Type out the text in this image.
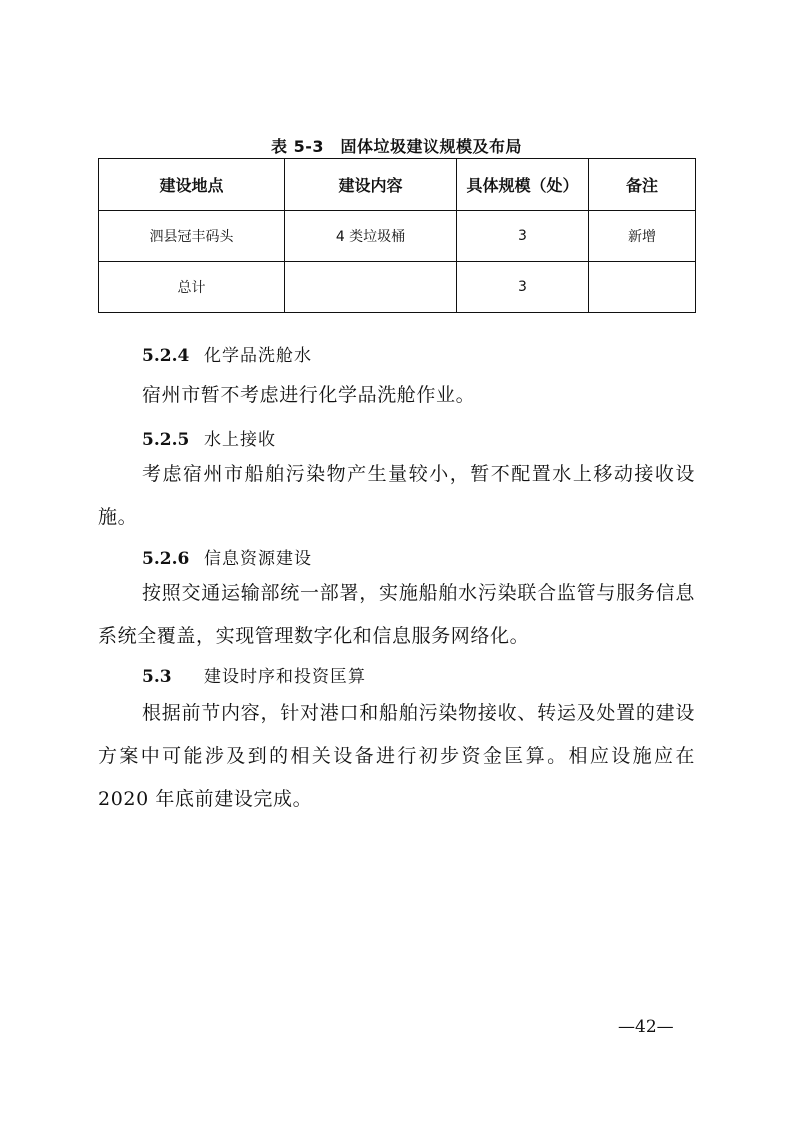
表 5-3　固体垃圾建议规模及布局
建设地点	建设内容	具体规模（处）	备注
泗县冠丰码头	4 类垃圾桶	3	新增
总计		3	
5.2.4 化学品洗舱水

宿州市暂不考虑进行化学品洗舱作业。

5.2.5 水上接收

考虑宿州市船舶污染物产生量较小，暂不配置水上移动接收设施。

5.2.6 信息资源建设

按照交通运输部统一部署，实施船舶水污染联合监管与服务信息系统全覆盖，实现管理数字化和信息服务网络化。

5.3 建设时序和投资匡算

根据前节内容，针对港口和船舶污染物接收、转运及处置的建设方案中可能涉及到的相关设备进行初步资金匡算。相应设施应在 2020 年底前建设完成。

—42—
